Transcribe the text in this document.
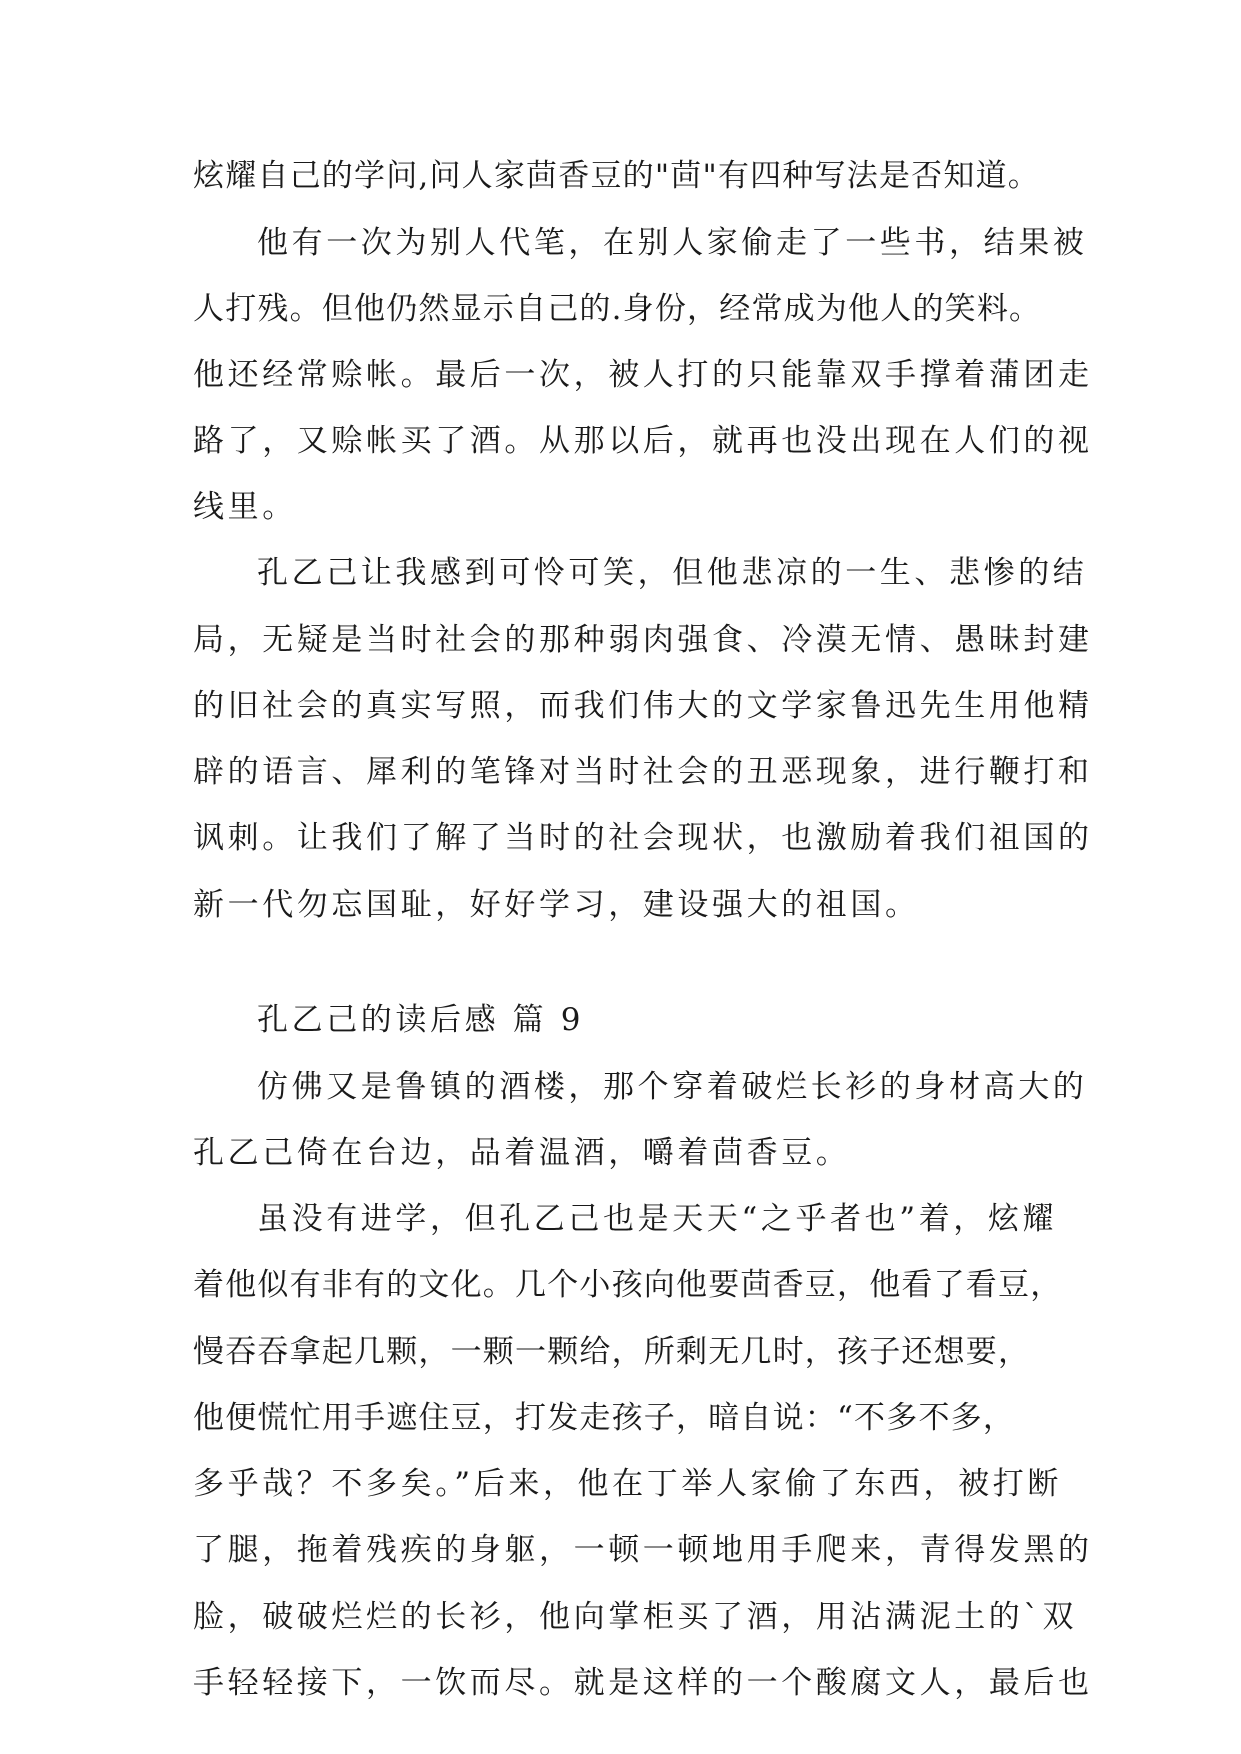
炫耀自己的学问,问人家茴香豆的"茴"有四种写法是否知道。
他有一次为别人代笔，在别人家偷走了一些书，结果被
人打残。但他仍然显示自己的.身份，经常成为他人的笑料。
他还经常赊帐。最后一次，被人打的只能靠双手撑着蒲团走
路了，又赊帐买了酒。从那以后，就再也没出现在人们的视
线里。
孔乙己让我感到可怜可笑，但他悲凉的一生、悲惨的结
局，无疑是当时社会的那种弱肉强食、冷漠无情、愚昧封建
的旧社会的真实写照，而我们伟大的文学家鲁迅先生用他精
辟的语言、犀利的笔锋对当时社会的丑恶现象，进行鞭打和
讽刺。让我们了解了当时的社会现状，也激励着我们祖国的
新一代勿忘国耻，好好学习，建设强大的祖国。
孔乙己的读后感 篇 9
仿佛又是鲁镇的酒楼，那个穿着破烂长衫的身材高大的
孔乙己倚在台边，品着温酒，嚼着茴香豆。
虽没有进学，但孔乙己也是天天“之乎者也”着，炫耀
着他似有非有的文化。几个小孩向他要茴香豆，他看了看豆，
慢吞吞拿起几颗，一颗一颗给，所剩无几时，孩子还想要，
他便慌忙用手遮住豆，打发走孩子，暗自说：“不多不多，
多乎哉？不多矣。”后来，他在丁举人家偷了东西，被打断
了腿，拖着残疾的身躯，一顿一顿地用手爬来，青得发黑的
脸，破破烂烂的长衫，他向掌柜买了酒，用沾满泥土的`双
手轻轻接下，一饮而尽。就是这样的一个酸腐文人，最后也
